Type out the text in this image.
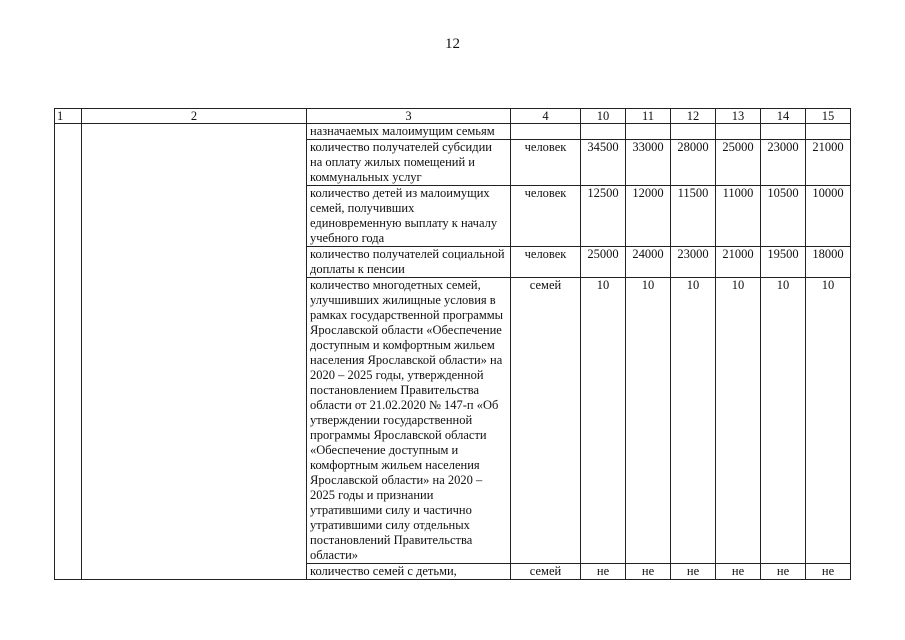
12
1	2	3	4	10	11	12	13	14	15
		назначаемых малоимущим семьям							
		количество получателей субсидии на оплату жилых помещений и коммунальных услуг	человек	34500	33000	28000	25000	23000	21000
		количество детей из малоимущих семей, получивших единовременную выплату к началу учебного года	человек	12500	12000	11500	11000	10500	10000
		количество получателей социальной доплаты к пенсии	человек	25000	24000	23000	21000	19500	18000
		количество многодетных семей, улучшивших жилищные условия в рамках государственной программы Ярославской области «Обеспечение доступным и комфортным жильем населения Ярославской области» на 2020 – 2025 годы, утвержденной постановлением Правительства области от 21.02.2020 № 147-п «Об утверждении государственной программы Ярославской области «Обеспечение доступным и комфортным жильем населения Ярославской области» на 2020 – 2025 годы и признании утратившими силу и частично утратившими силу отдельных постановлений Правительства области»	семей	10	10	10	10	10	10
		количество семей с детьми,	семей	не	не	не	не	не	не
